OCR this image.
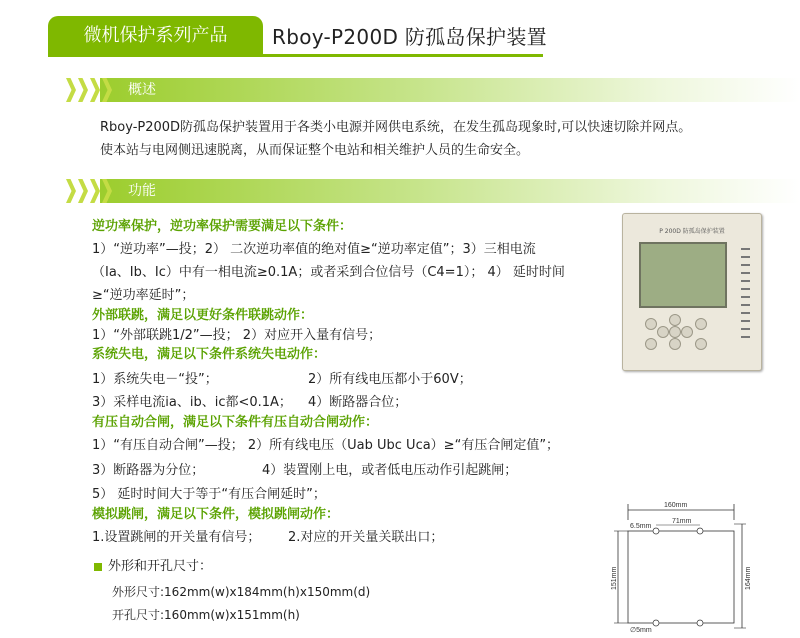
微机保护系列产品	Rboy-P200D 防孤岛保护装置
概述
Rboy-P200D防孤岛保护装置用于各类小电源并网供电系统，在发生孤岛现象时,可以快速切除并网点。
使本站与电网侧迅速脱离，从而保证整个电站和相关维护人员的生命安全。
功能
逆功率保护，逆功率保护需要满足以下条件：
1）“逆功率”—投；2） 二次逆功率值的绝对值≥“逆功率定值”；3）三相电流
（Ia、Ib、Ic）中有一相电流≥0.1A；或者采到合位信号（C4=1）； 4） 延时时间
≥“逆功率延时”；
外部联跳，满足以更好条件联跳动作：
1）“外部联跳1/2”—投； 2）对应开入量有信号；
系统失电，满足以下条件系统失电动作：
1）系统失电－“投”；	2）所有线电压都小于60V；
3）采样电流ia、ib、ic都<0.1A； 4）断路器合位；
有压自动合闸，满足以下条件有压自动合闸动作：
1）“有压自动合闸”—投； 2）所有线电压（Uab Ubc Uca）≥“有压合闸定值”；
3）断路器为分位；	4）装置刚上电，或者低电压动作引起跳闸；
5） 延时时间大于等于“有压合闸延时”；
模拟跳闸，满足以下条件，模拟跳闸动作：
1.设置跳闸的开关量有信号； 2.对应的开关量关联出口；
外形和开孔尺寸：
外形尺寸:162mm(w)x184mm(h)x150mm(d)
开孔尺寸:160mm(w)x151mm(h)
P 200D 防孤岛保护装置
160mm
71mm
6.5mm
151mm	164mm
∅5mm
